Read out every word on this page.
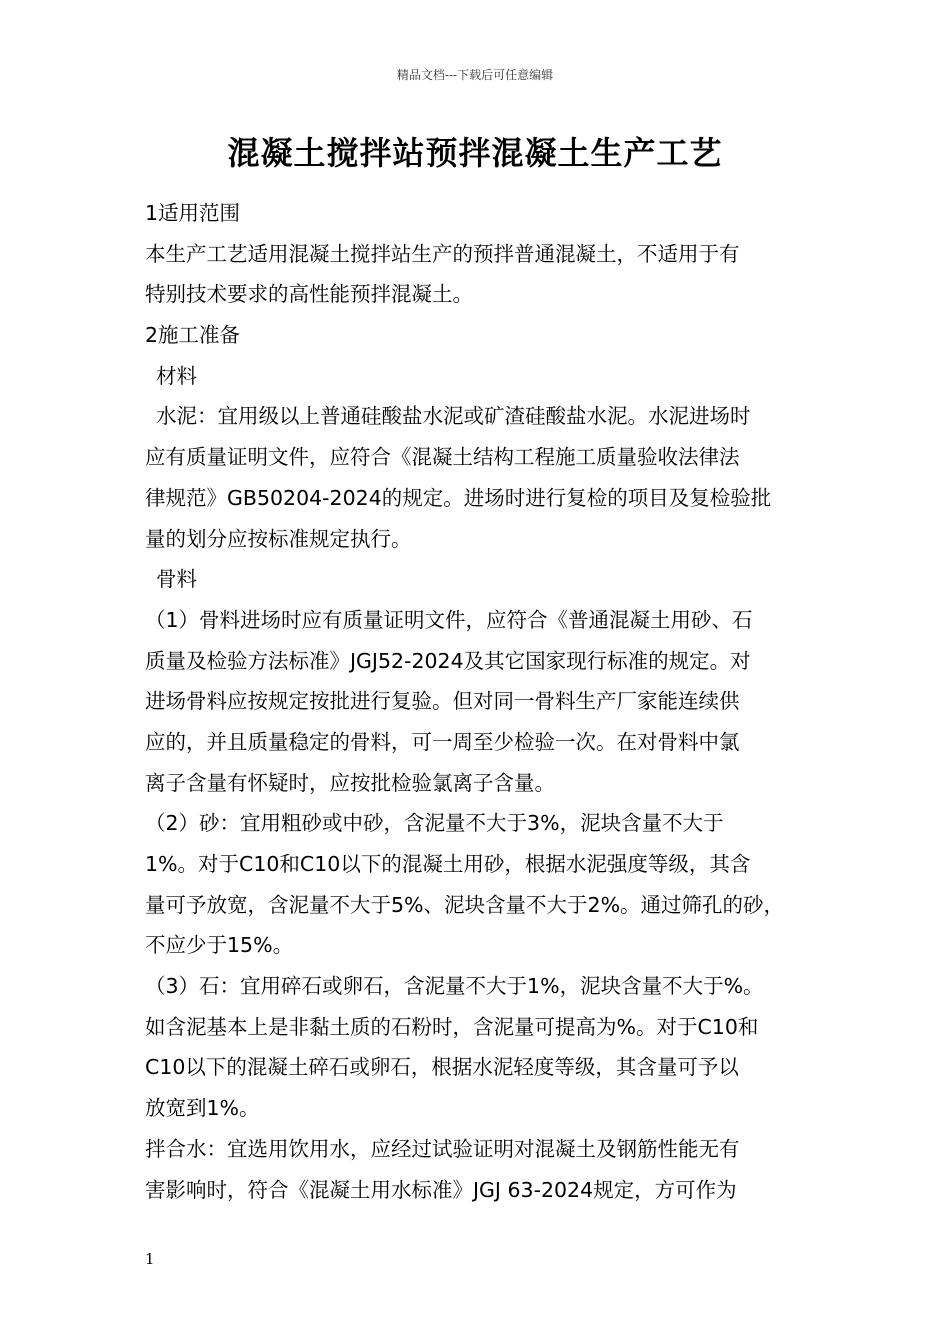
精品文档---下载后可任意编辑
混凝土搅拌站预拌混凝土生产工艺
1适用范围
本生产工艺适用混凝土搅拌站生产的预拌普通混凝土，不适用于有
特别技术要求的高性能预拌混凝土。
2施工准备
材料
水泥：宜用级以上普通硅酸盐水泥或矿渣硅酸盐水泥。水泥进场时
应有质量证明文件，应符合《混凝土结构工程施工质量验收法律法
律规范》GB50204-2024的规定。进场时进行复检的项目及复检验批
量的划分应按标准规定执行。
骨料
（1）骨料进场时应有质量证明文件，应符合《普通混凝土用砂、石
质量及检验方法标准》JGJ52-2024及其它国家现行标准的规定。对
进场骨料应按规定按批进行复验。但对同一骨料生产厂家能连续供
应的，并且质量稳定的骨料，可一周至少检验一次。在对骨料中氯
离子含量有怀疑时，应按批检验氯离子含量。
（2）砂：宜用粗砂或中砂，含泥量不大于3%，泥块含量不大于
1%。对于C10和C10以下的混凝土用砂，根据水泥强度等级，其含
量可予放宽，含泥量不大于5%、泥块含量不大于2%。通过筛孔的砂，
不应少于15%。
（3）石：宜用碎石或卵石，含泥量不大于1%，泥块含量不大于%。
如含泥基本上是非黏土质的石粉时，含泥量可提高为%。对于C10和
C10以下的混凝土碎石或卵石，根据水泥轻度等级，其含量可予以
放宽到1%。
拌合水：宜选用饮用水，应经过试验证明对混凝土及钢筋性能无有
害影响时，符合《混凝土用水标准》JGJ 63-2024规定，方可作为
1
